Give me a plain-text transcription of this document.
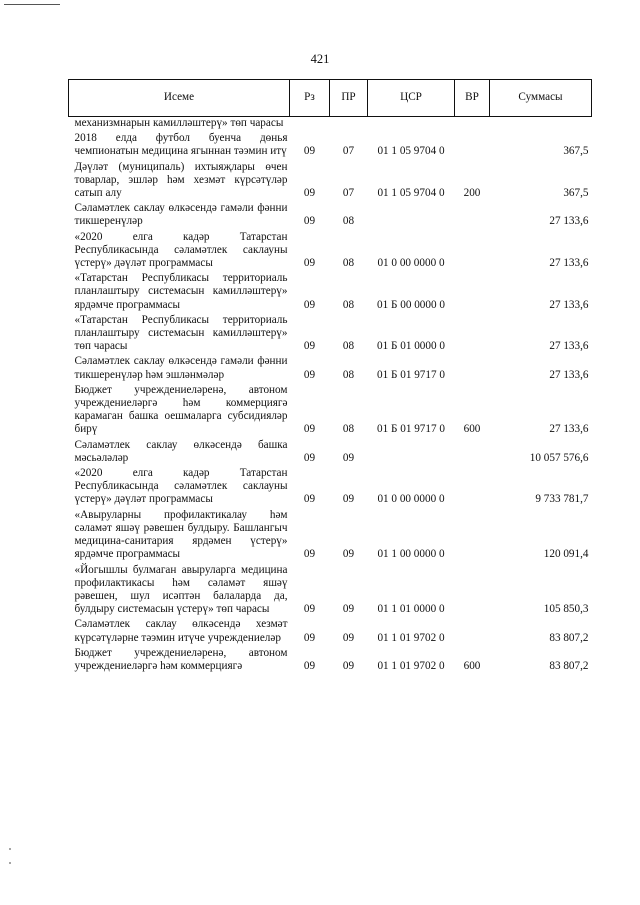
421
Исеме	Рз	ПР	ЦСР	ВР	Суммасы
механизмнарын камиллəштерү» төп чарасы					
2018 елда футбол буенча дөнья чемпионатын медицина ягыннан тəэмин итү	09	07	01 1 05 9704 0		367,5
Дəүлəт (муниципаль) ихтыяҗлары өчен товарлар, эшлəр һəм хезмəт күрсəтүлəр сатып алу	09	07	01 1 05 9704 0	200	367,5
Сəламəтлек саклау өлкəсендə гамəли фəнни тикшеренүлəр	09	08			27 133,6
«2020 елга кадəр Татарстан Республикасында сəламəтлек саклауны үстерү» дəүлəт программасы	09	08	01 0 00 0000 0		27 133,6
«Татарстан Республикасы территориаль планлаштыру системасын камиллəштерү» ярдəмче программасы	09	08	01 Б 00 0000 0		27 133,6
«Татарстан Республикасы территориаль планлаштыру системасын камиллəштерү» төп чарасы	09	08	01 Б 01 0000 0		27 133,6
Сəламəтлек саклау өлкəсендə гамəли фəнни тикшеренүлəр һəм эшлəнмəлəр	09	08	01 Б 01 9717 0		27 133,6
Бюджет учреждениелəренə, автоном учреждениелəргə һəм коммерциягə карамаган башка оешмаларга субсидиялəр бирү	09	08	01 Б 01 9717 0	600	27 133,6
Сəламəтлек саклау өлкəсендə башка мəсьəлəлəр	09	09			10 057 576,6
«2020 елга кадəр Татарстан Республикасында сəламəтлек саклауны үстерү» дəүлəт программасы	09	09	01 0 00 0000 0		9 733 781,7
«Авыруларны профилактикалау һəм сəламəт яшəү рəвешен булдыру. Башлангыч медицина-санитария ярдəмен үстерү» ярдəмче программасы	09	09	01 1 00 0000 0		120 091,4
«Йогышлы булмаган авыруларга медицина профилактикасы һəм сəламəт яшəү рəвешен, шул исəптəн балаларда да, булдыру системасын үстерү» төп чарасы	09	09	01 1 01 0000 0		105 850,3
Сəламəтлек саклау өлкəсендə хезмəт күрсəтүлəрне тəэмин итүче учреждениелəр	09	09	01 1 01 9702 0		83 807,2
Бюджет учреждениелəренə, автоном учреждениелəргə һəм коммерциягə	09	09	01 1 01 9702 0	600	83 807,2
